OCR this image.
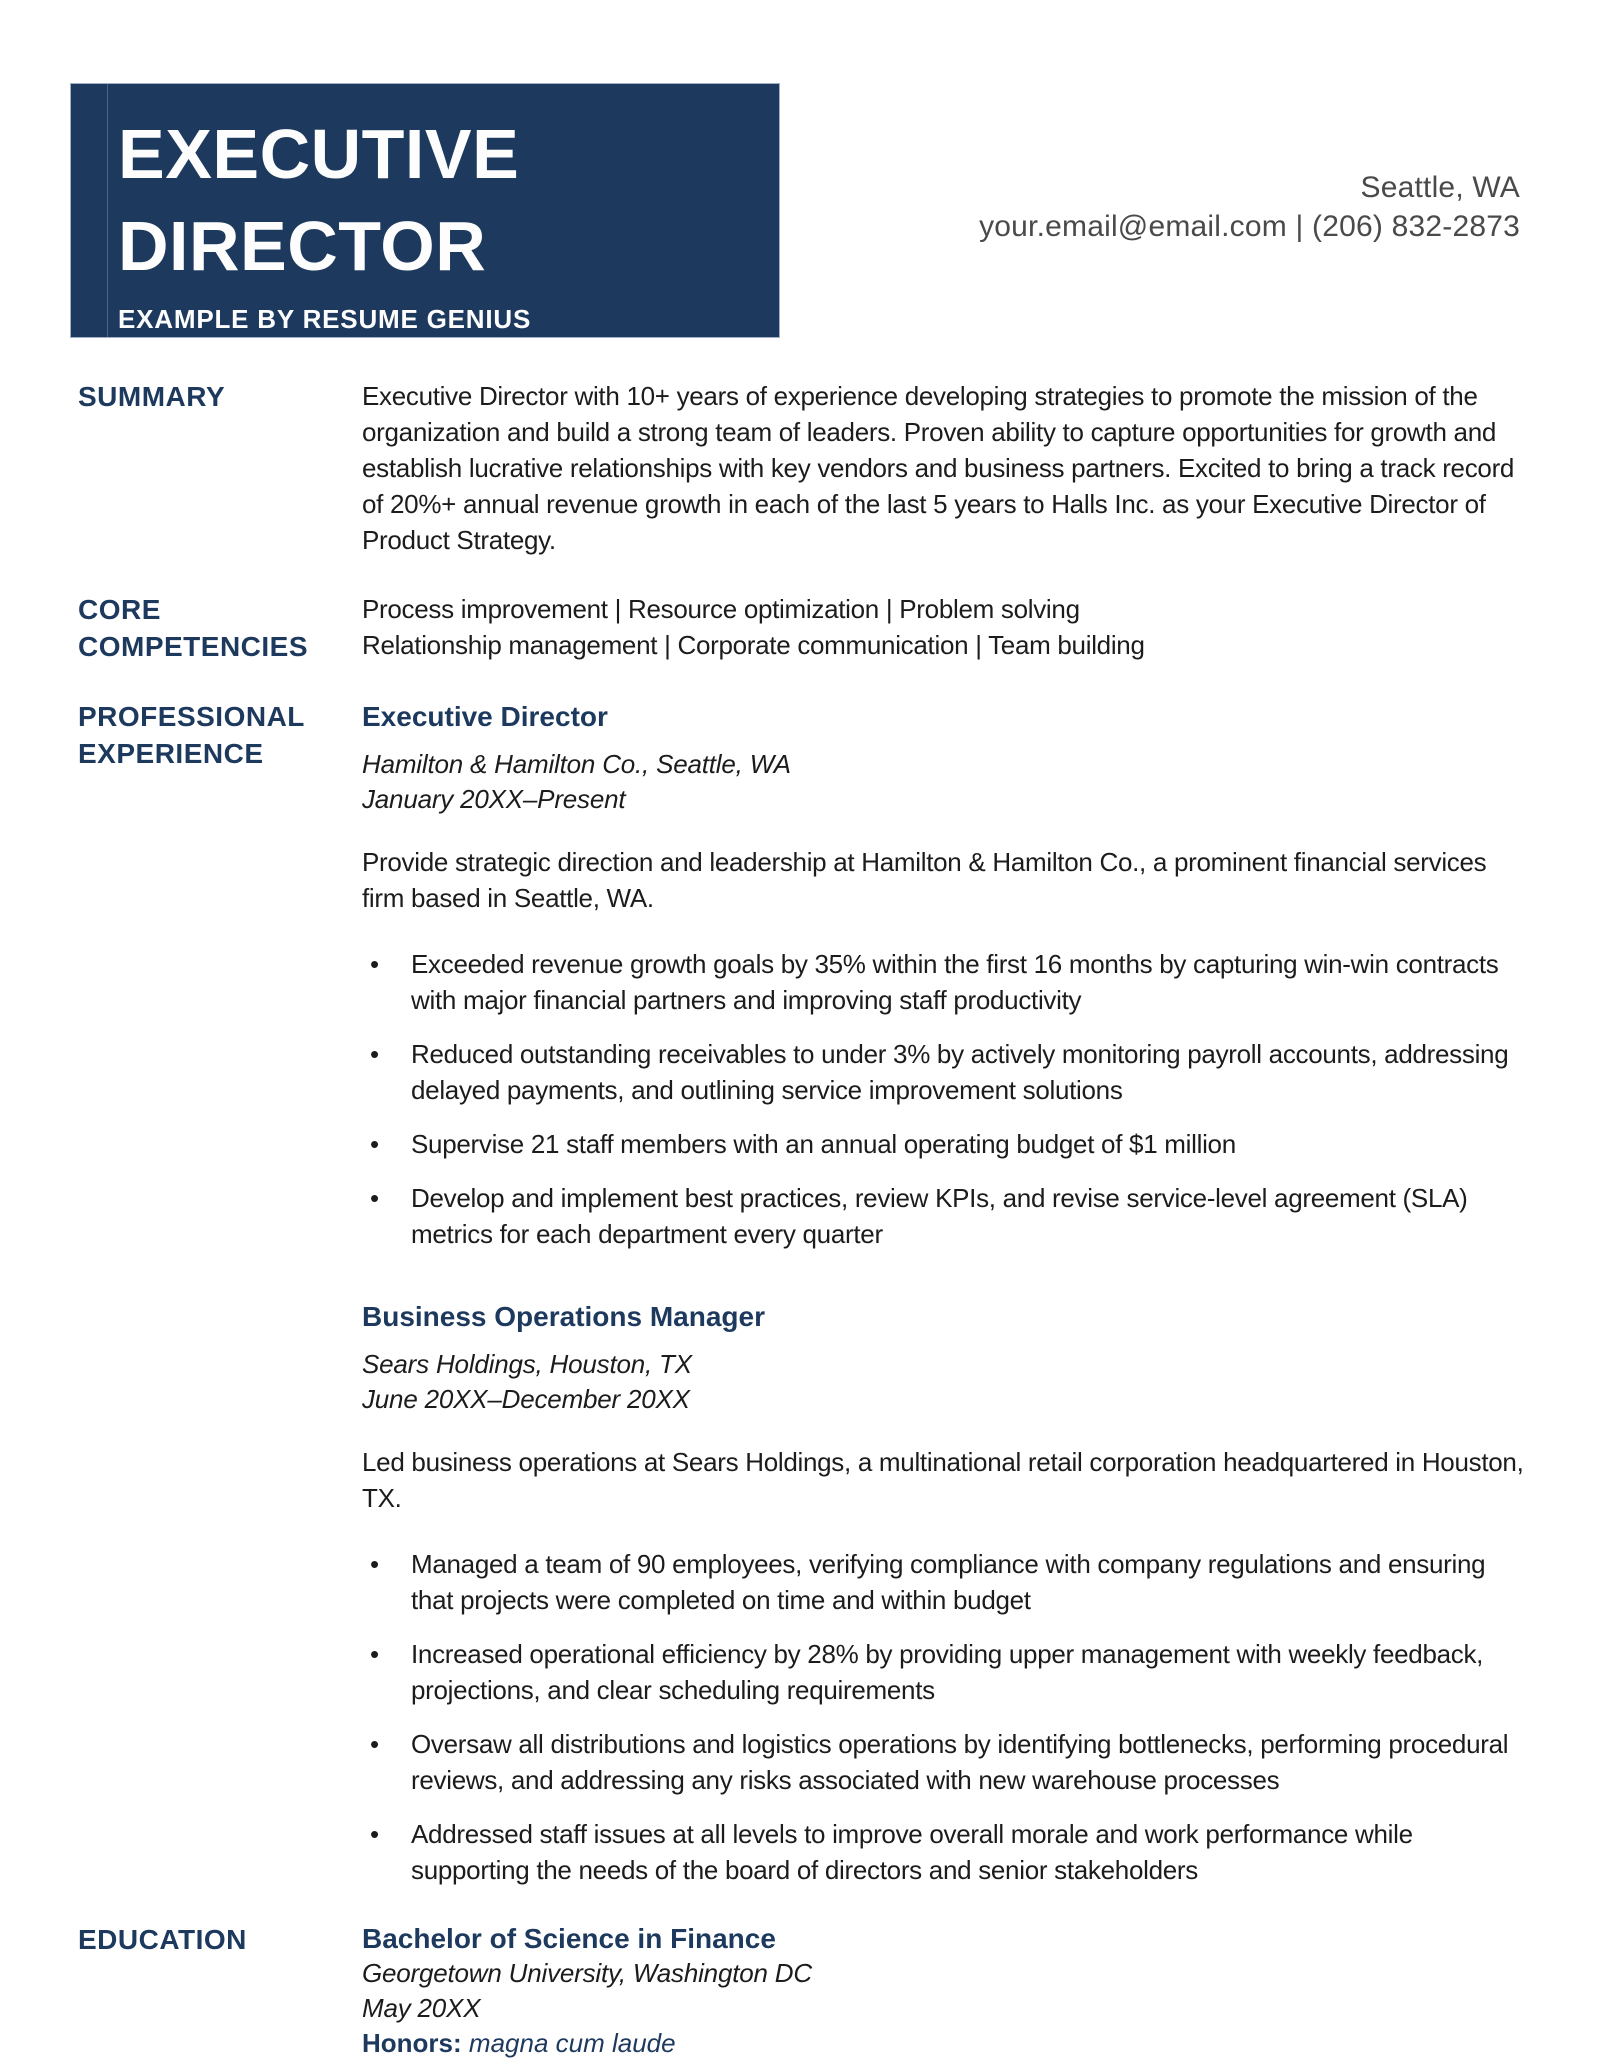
EXECUTIVE
DIRECTOR
EXAMPLE BY RESUME GENIUS
Seattle, WA
your.email@email.com | (206) 832-2873
SUMMARY	Executive Director with 10+ years of experience developing strategies to promote the mission of the organization and build a strong team of leaders. Proven ability to capture opportunities for growth and establish lucrative relationships with key vendors and business partners. Excited to bring a track record of 20%+ annual revenue growth in each of the last 5 years to Halls Inc. as your Executive Director of Product Strategy.
CORE COMPETENCIES
Process improvement | Resource optimization | Problem solving
Relationship management | Corporate communication | Team building
PROFESSIONAL EXPERIENCE
Executive Director
Hamilton & Hamilton Co., Seattle, WA
January 20XX–Present
Provide strategic direction and leadership at Hamilton & Hamilton Co., a prominent financial services firm based in Seattle, WA.
• Exceeded revenue growth goals by 35% within the first 16 months by capturing win-win contracts with major financial partners and improving staff productivity
• Reduced outstanding receivables to under 3% by actively monitoring payroll accounts, addressing delayed payments, and outlining service improvement solutions
• Supervise 21 staff members with an annual operating budget of $1 million
• Develop and implement best practices, review KPIs, and revise service-level agreement (SLA) metrics for each department every quarter
Business Operations Manager
Sears Holdings, Houston, TX
June 20XX–December 20XX
Led business operations at Sears Holdings, a multinational retail corporation headquartered in Houston, TX.
• Managed a team of 90 employees, verifying compliance with company regulations and ensuring that projects were completed on time and within budget
• Increased operational efficiency by 28% by providing upper management with weekly feedback, projections, and clear scheduling requirements
• Oversaw all distributions and logistics operations by identifying bottlenecks, performing procedural reviews, and addressing any risks associated with new warehouse processes
• Addressed staff issues at all levels to improve overall morale and work performance while supporting the needs of the board of directors and senior stakeholders
EDUCATION	Bachelor of Science in Finance
Georgetown University, Washington DC
May 20XX
Honors: magna cum laude
